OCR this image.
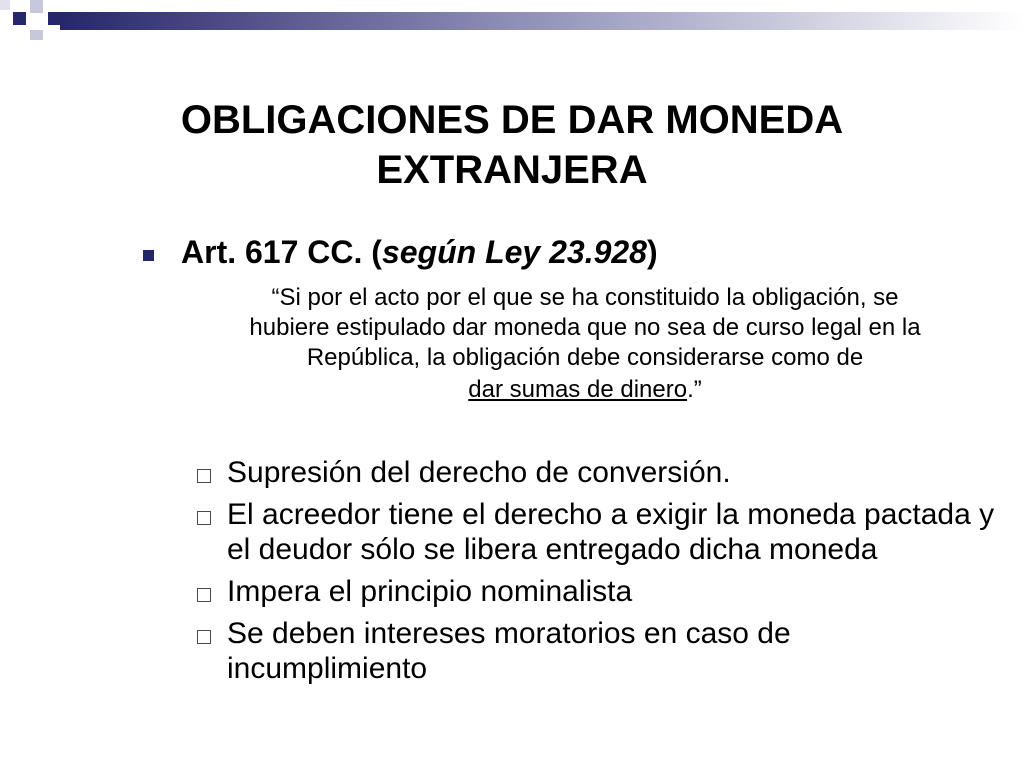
OBLIGACIONES DE DAR MONEDA
EXTRANJERA
Art. 617 CC. (según Ley 23.928)
“Si por el acto por el que se ha constituido la obligación, se
hubiere estipulado dar moneda que no sea de curso legal en la
República, la obligación debe considerarse como de
dar sumas de dinero.”
Supresión del derecho de conversión.
El acreedor tiene el derecho a exigir la moneda pactada y el deudor sólo se libera entregado dicha moneda
Impera el principio nominalista
Se deben intereses moratorios en caso de incumplimiento
